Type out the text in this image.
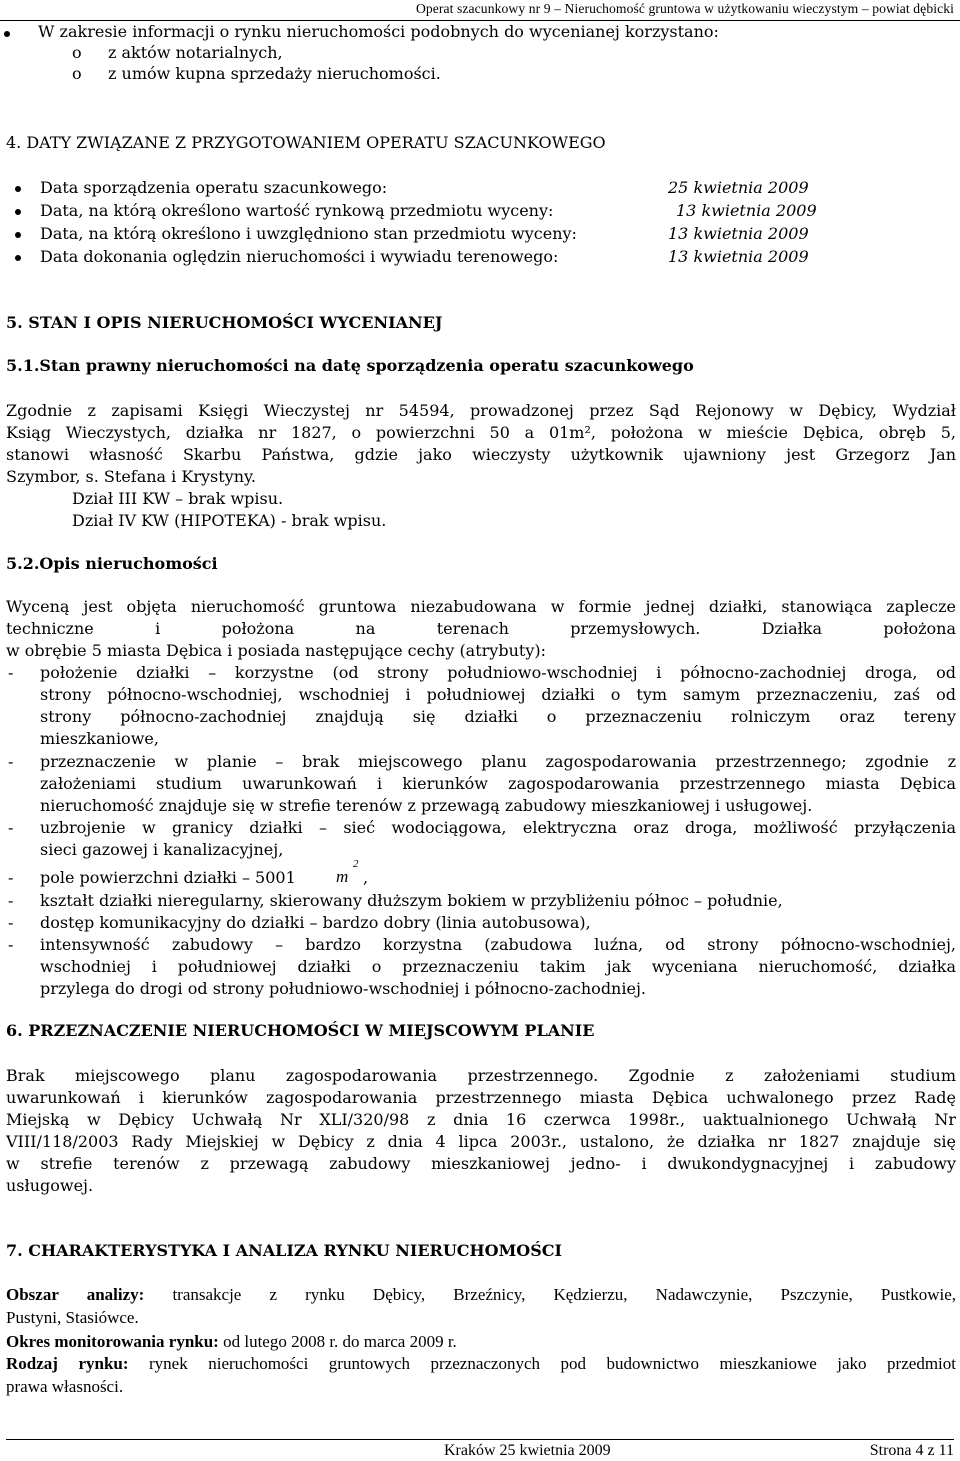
Operat szacunkowy nr 9 – Nieruchomość gruntowa w użytkowaniu wieczystym – powiat dębicki
W zakresie informacji o rynku nieruchomości podobnych do wycenianej korzystano:
o z aktów notarialnych,
o z umów kupna sprzedaży nieruchomości.
4. DATY ZWIĄZANE Z PRZYGOTOWANIEM OPERATU SZACUNKOWEGO
Data sporządzenia operatu szacunkowego:	25 kwietnia 2009
Data, na którą określono wartość rynkową przedmiotu wyceny:	13 kwietnia 2009
Data, na którą określono i uwzględniono stan przedmiotu wyceny:	13 kwietnia 2009
Data dokonania oględzin nieruchomości i wywiadu terenowego:	13 kwietnia 2009
5. STAN I OPIS NIERUCHOMOŚCI WYCENIANEJ
5.1.Stan prawny nieruchomości na datę sporządzenia operatu szacunkowego
Zgodnie z zapisami Księgi Wieczystej nr 54594, prowadzonej przez Sąd Rejonowy w Dębicy, Wydział
Ksiąg Wieczystych, działka nr 1827, o powierzchni 50 a 01m², położona w mieście Dębica, obręb 5,
stanowi własność Skarbu Państwa, gdzie jako wieczysty użytkownik ujawniony jest Grzegorz Jan
Szymbor, s. Stefana i Krystyny.
Dział III KW – brak wpisu.
Dział IV KW (HIPOTEKA) - brak wpisu.
5.2.Opis nieruchomości
Wyceną jest objęta nieruchomość gruntowa niezabudowana w formie jednej działki, stanowiąca zaplecze
techniczne i położona na terenach przemysłowych. Działka położona
w obrębie 5 miasta Dębica i posiada następujące cechy (atrybuty):
- położenie działki – korzystne (od strony południowo-wschodniej i północno-zachodniej droga, od
strony północno-wschodniej, wschodniej i południowej działki o tym samym przeznaczeniu, zaś od
strony północno-zachodniej znajdują się działki o przeznaczeniu rolniczym oraz tereny
mieszkaniowe,
- przeznaczenie w planie – brak miejscowego planu zagospodarowania przestrzennego; zgodnie z
założeniami studium uwarunkowań i kierunków zagospodarowania przestrzennego miasta Dębica
nieruchomość znajduje się w strefie terenów z przewagą zabudowy mieszkaniowej i usługowej.
- uzbrojenie w granicy działki – sieć wodociągowa, elektryczna oraz droga, możliwość przyłączenia
sieci gazowej i kanalizacyjnej,
- pole powierzchni działki – 5001 m
2
,
- kształt działki nieregularny, skierowany dłuższym bokiem w przybliżeniu północ – południe,
- dostęp komunikacyjny do działki – bardzo dobry (linia autobusowa),
- intensywność zabudowy – bardzo korzystna (zabudowa luźna, od strony północno-wschodniej,
wschodniej i południowej działki o przeznaczeniu takim jak wyceniana nieruchomość, działka
przylega do drogi od strony południowo-wschodniej i północno-zachodniej.
6. PRZEZNACZENIE NIERUCHOMOŚCI W MIEJSCOWYM PLANIE
Brak miejscowego planu zagospodarowania przestrzennego. Zgodnie z założeniami studium
uwarunkowań i kierunków zagospodarowania przestrzennego miasta Dębica uchwalonego przez Radę
Miejską w Dębicy Uchwałą Nr XLI/320/98 z dnia 16 czerwca 1998r., uaktualnionego Uchwałą Nr
VIII/118/2003 Rady Miejskiej w Dębicy z dnia 4 lipca 2003r., ustalono, że działka nr 1827 znajduje się
w strefie terenów z przewagą zabudowy mieszkaniowej jedno- i dwukondygnacyjnej i zabudowy
usługowej.
7. CHARAKTERYSTYKA I ANALIZA RYNKU NIERUCHOMOŚCI
Obszar analizy: transakcje z rynku Dębicy, Brzeźnicy, Kędzierzu, Nadawczynie, Pszczynie, Pustkowie,
Pustyni, Stasiówce.
Okres monitorowania rynku: od lutego 2008 r. do marca 2009 r.
Rodzaj rynku: rynek nieruchomości gruntowych przeznaczonych pod budownictwo mieszkaniowe jako przedmiot
prawa własności.
Kraków 25 kwietnia 2009	Strona 4 z 11
